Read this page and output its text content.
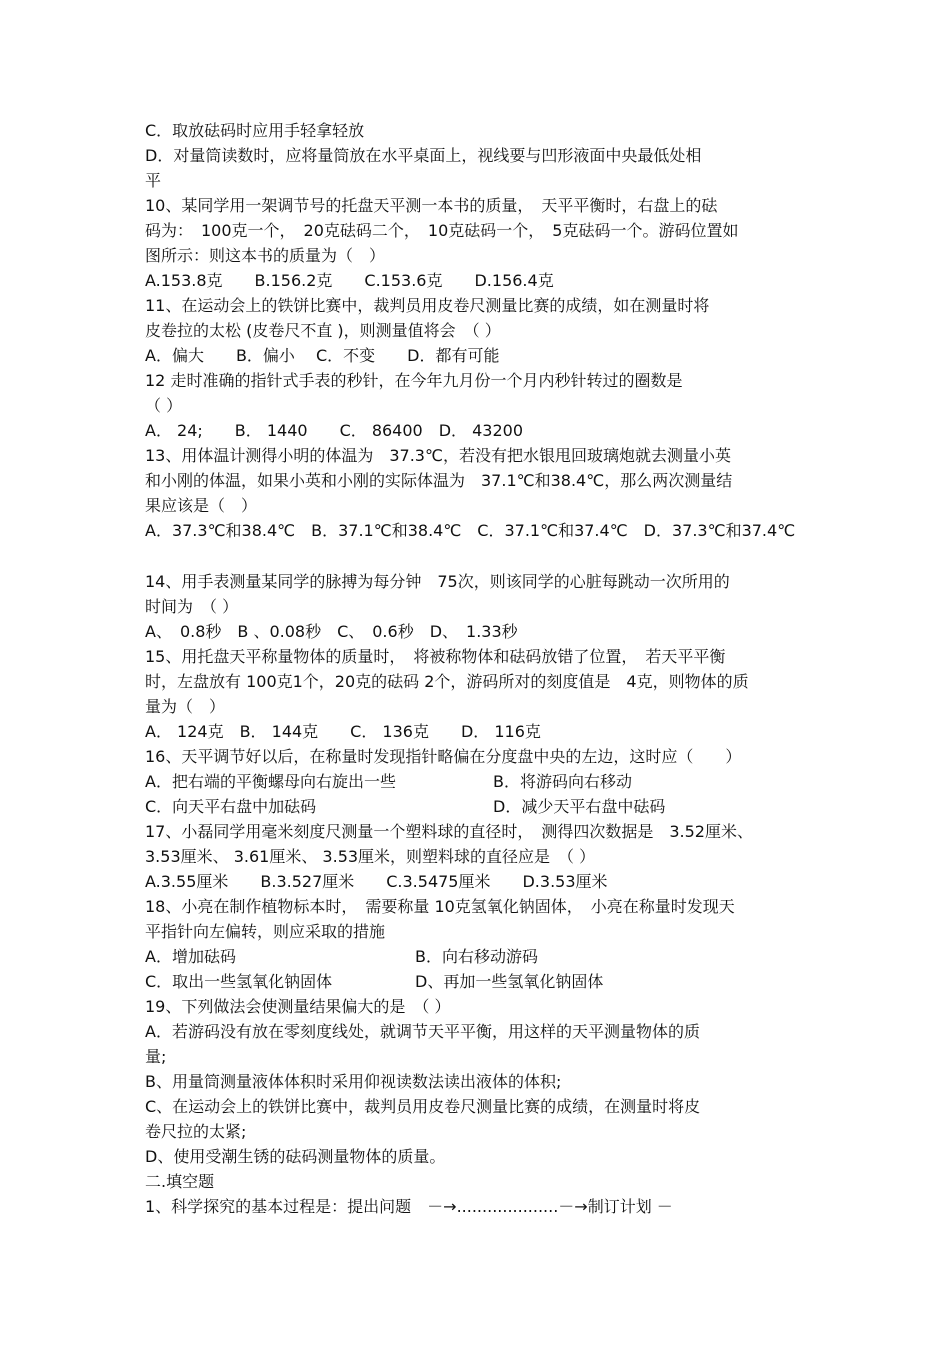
C．取放砝码时应用手轻拿轻放
D．对量筒读数时，应将量筒放在水平桌面上，视线要与凹形液面中央最低处相
平
10、某同学用一架调节号的托盘天平测一本书的质量，　天平平衡时，右盘上的砝
码为：　100克一个，　20克砝码二个，　10克砝码一个，　5克砝码一个。游码位置如
图所示：则这本书的质量为（　）
A.153.8克　　B.156.2克　　C.153.6克　　D.156.4克
11、在运动会上的铁饼比赛中，裁判员用皮卷尺测量比赛的成绩，如在测量时将
皮卷拉的太松 (皮卷尺不直 )，则测量值将会　（ ）
A．偏大　　B．偏小　 C．不变　　D．都有可能
12 走时准确的指针式手表的秒针，在今年九月份一个月内秒针转过的圈数是
（ ）
A． 24;　　B． 1440　　C． 86400　D． 43200
13、用体温计测得小明的体温为　37.3℃，若没有把水银甩回玻璃炮就去测量小英
和小刚的体温，如果小英和小刚的实际体温为　37.1℃和38.4℃，那么两次测量结
果应该是（　）
A．37.3℃和38.4℃　B．37.1℃和38.4℃　C．37.1℃和37.4℃　D．37.3℃和37.4℃
14、用手表测量某同学的脉搏为每分钟　75次，则该同学的心脏每跳动一次所用的
时间为　（ ）
A、　0.8秒　B 、0.08秒　C、　0.6秒　D、　1.33秒
15、用托盘天平称量物体的质量时，　将被称物体和砝码放错了位置，　若天平平衡
时，左盘放有 100克1个，20克的砝码 2个，游码所对的刻度值是　4克，则物体的质
量为（　）
A． 124克　B． 144克　　C． 136克　　D． 116克
16、天平调节好以后，在称量时发现指针略偏在分度盘中央的左边，这时应（　　）
A．把右端的平衡螺母向右旋出一些	B．将游码向右移动
C．向天平右盘中加砝码	D．减少天平右盘中砝码
17、小磊同学用毫米刻度尺测量一个塑料球的直径时，　测得四次数据是　3.52厘米、
3.53厘米、 3.61厘米、 3.53厘米，则塑料球的直径应是　（ ）
A.3.55厘米　　B.3.527厘米　　C.3.5475厘米　　D.3.53厘米
18、小亮在制作植物标本时，　需要称量 10克氢氧化钠固体，　小亮在称量时发现天
平指针向左偏转，则应采取的措施
A．增加砝码	B．向右移动游码
C．取出一些氢氧化钠固体	D、再加一些氢氧化钠固体
19、下列做法会使测量结果偏大的是　（ ）
A．若游码没有放在零刻度线处，就调节天平平衡，用这样的天平测量物体的质
量;
B、用量筒测量液体体积时采用仰视读数法读出液体的体积;
C、在运动会上的铁饼比赛中，裁判员用皮卷尺测量比赛的成绩，在测量时将皮
卷尺拉的太紧;
D、使用受潮生锈的砝码测量物体的质量。
二.填空题
1、科学探究的基本过程是：提出问题　－→....................－→制订计划 －
